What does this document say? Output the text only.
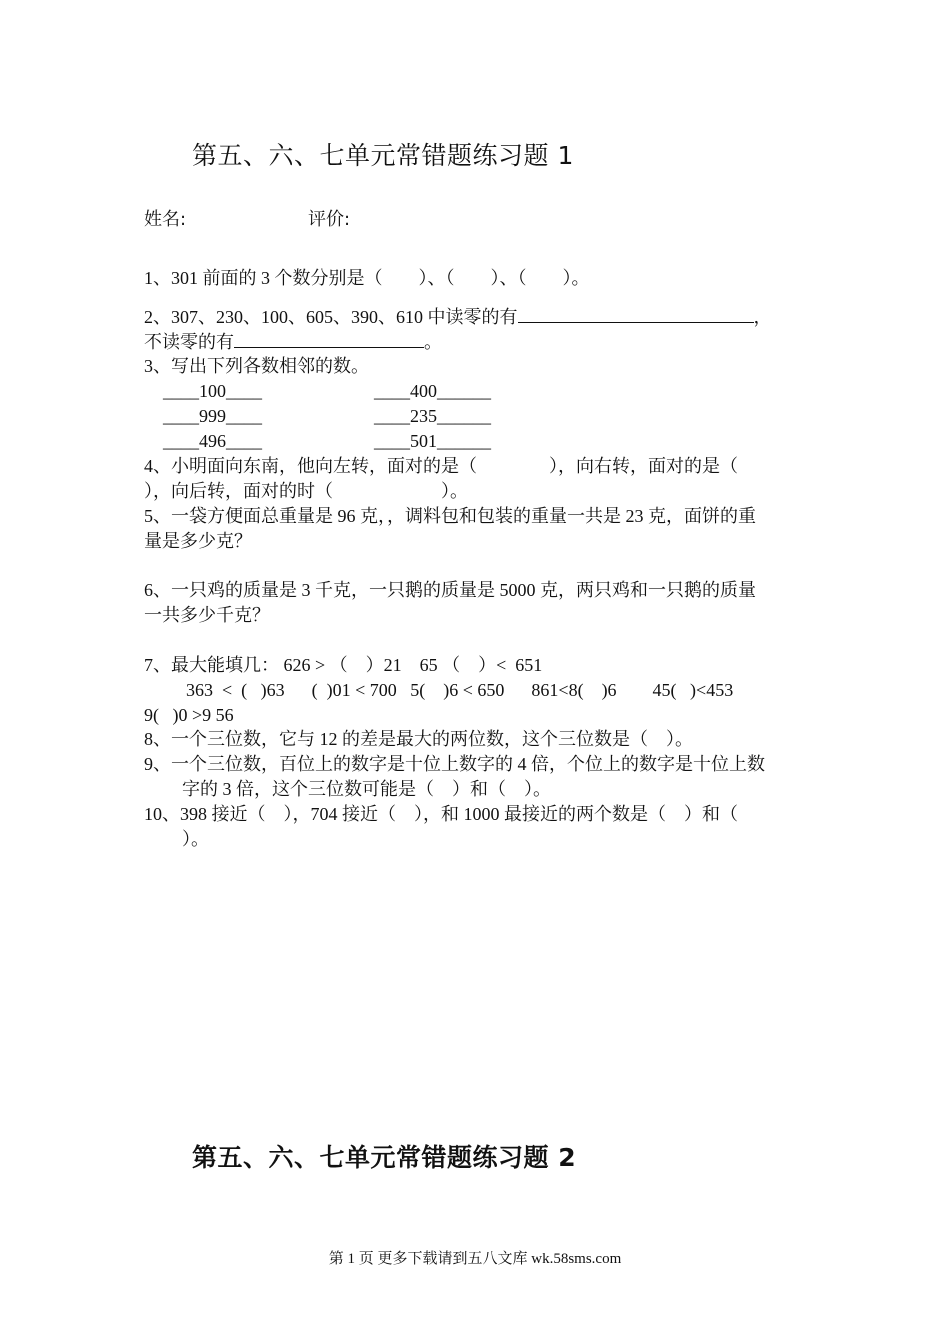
第五、六、七单元常错题练习题 1
姓名:	评价:
1、301 前面的 3 个数分别是（　　）、（　　）、（　　）。
2、307、230、100、605、390、610 中读零的有	，
不读零的有	。
3、写出下列各数相邻的数。
____100____	____400______
____999____	____235______
____496____	____501______
4、小明面向东南，他向左转，面对的是（　　　　），向右转，面对的是（
），向后转，面对的时（　　　　　　）。
5、一袋方便面总重量是 96 克，，调料包和包装的重量一共是 23 克，面饼的重
量是多少克？
6、一只鸡的质量是 3 千克，一只鹅的质量是 5000 克，两只鸡和一只鹅的质量
一共多少千克？
7、最大能填几： 626 > （　）21　65 （　）<  651
363  <  (   )63      (  )01 < 700   5(    )6 < 650      861<8(    )6        45(   )<453
9(   )0 >9 56
8、一个三位数，它与 12 的差是最大的两位数，这个三位数是（　）。
9、一个三位数，百位上的数字是十位上数字的 4 倍，个位上的数字是十位上数
字的 3 倍，这个三位数可能是（　）和（　）。
10、398 接近（　），704 接近（　），和 1000 最接近的两个数是（　）和（
）。
第五、六、七单元常错题练习题 2
第 1 页 更多下载请到五八文库 wk.58sms.com
